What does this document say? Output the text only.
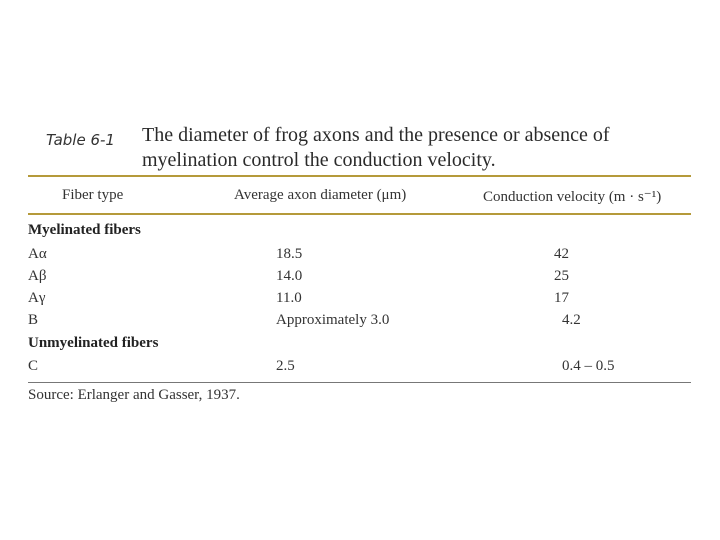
Table 6-1 The diameter of frog axons and the presence or absence of myelination control the conduction velocity.
Fiber type	Average axon diameter (μm)	Conduction velocity (m · s⁻¹)
Myelinated fibers
Aα	18.5	42
Aβ	14.0	25
Aγ	11.0	17
B	Approximately 3.0	4.2
Unmyelinated fibers
C	2.5	0.4 – 0.5
Source: Erlanger and Gasser, 1937.
